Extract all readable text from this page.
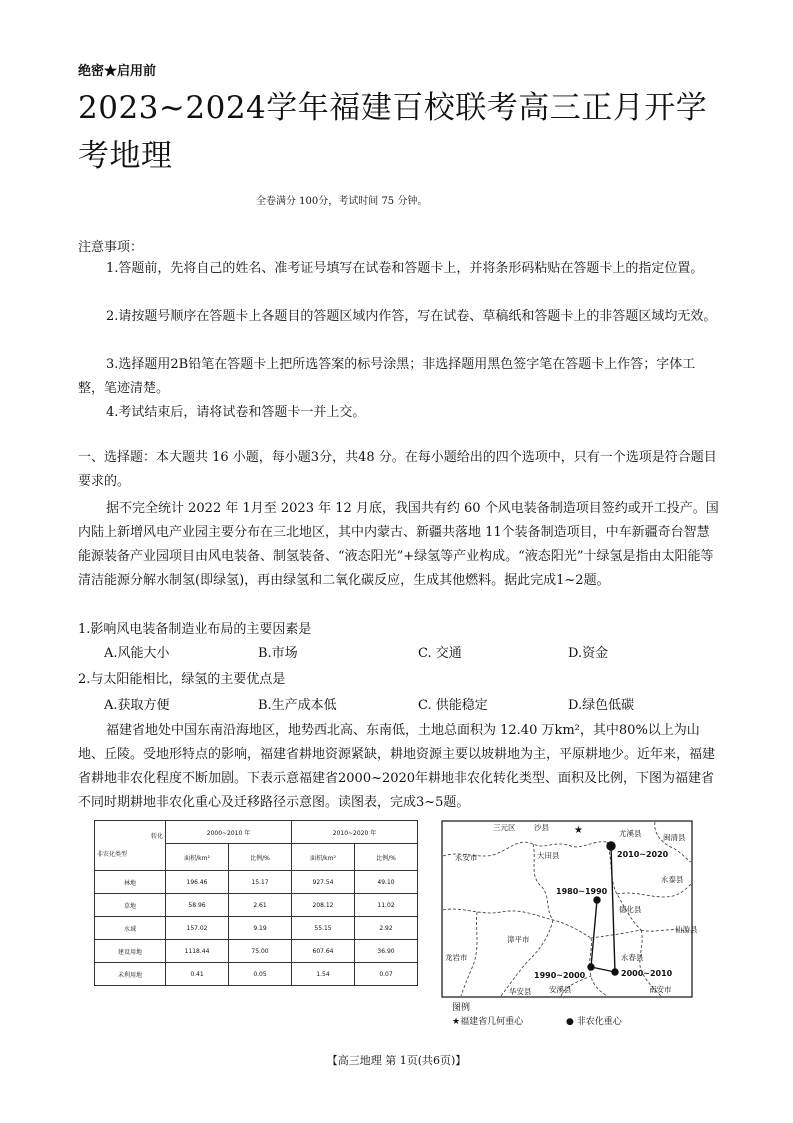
绝密★启用前
2023~2024学年福建百校联考高三正月开学考地理
全卷满分 100分，考试时间 75 分钟。
注意事项：
1.答题前，先将自己的姓名、准考证号填写在试卷和答题卡上，并将条形码粘贴在答题卡上的指定位置。
2.请按题号顺序在答题卡上各题目的答题区域内作答，写在试卷、草稿纸和答题卡上的非答题区域均无效。
3.选择题用2B铅笔在答题卡上把所选答案的标号涂黑；非选择题用黑色签字笔在答题卡上作答；字体工整，笔迹清楚。
4.考试结束后，请将试卷和答题卡一并上交。
一、选择题：本大题共 16 小题，每小题3分，共48 分。在每小题给出的四个选项中，只有一个选项是符合题目要求的。
据不完全统计 2022 年 1月至 2023 年 12 月底，我国共有约 60 个风电装备制造项目签约或开工投产。国内陆上新增风电产业园主要分布在三北地区，其中内蒙古、新疆共落地 11个装备制造项目，中车新疆奇台智慧能源装备产业园项目由风电装备、制氢装备、“液态阳光”+绿氢等产业构成。“液态阳光”十绿氢是指由太阳能等清洁能源分解水制氢(即绿氢)，再由绿氢和二氧化碳反应，生成其他燃料。据此完成1~2题。
1.影响风电装备制造业布局的主要因素是
A.风能大小	B.市场	C. 交通	D.资金
2.与太阳能相比，绿氢的主要优点是
A.获取方便	B.生产成本低	C. 供能稳定	D.绿色低碳
福建省地处中国东南沿海地区，地势西北高、东南低，土地总面积为 12.40 万km²，其中80%以上为山地、丘陵。受地形特点的影响，福建省耕地资源紧缺，耕地资源主要以坡耕地为主，平原耕地少。近年来，福建省耕地非农化程度不断加剧。下表示意福建省2000~2020年耕地非农化转化类型、面积及比例，下图为福建省不同时期耕地非农化重心及迁移路径示意图。读图表，完成3~5题。
转化
非农化类型	2000~2010 年		2010~2020 年	
	面积/km²	比例/%	面积/km²	比例/%
林地	196.46	15.17	927.54	49.10
草地	58.96	2.61	208.12	11.02
水域	157.02	9.19	55.15	2.92
建设用地	1118.44	75.00	607.64	36.90
未利用地	0.41	0.05	1.54	0.07
★
三元区 沙县
尤溪县	闽清县
永安市	大田县
永泰县
德化县
仙游县
漳平市
龙岩市	永春县
安溪县
华安县	南安市
2010~2020
1980~1990
1990~2000	2000~2010
图例
★福建省几何重心	● 非农化重心
【高三地理 第 1页(共6页)】
